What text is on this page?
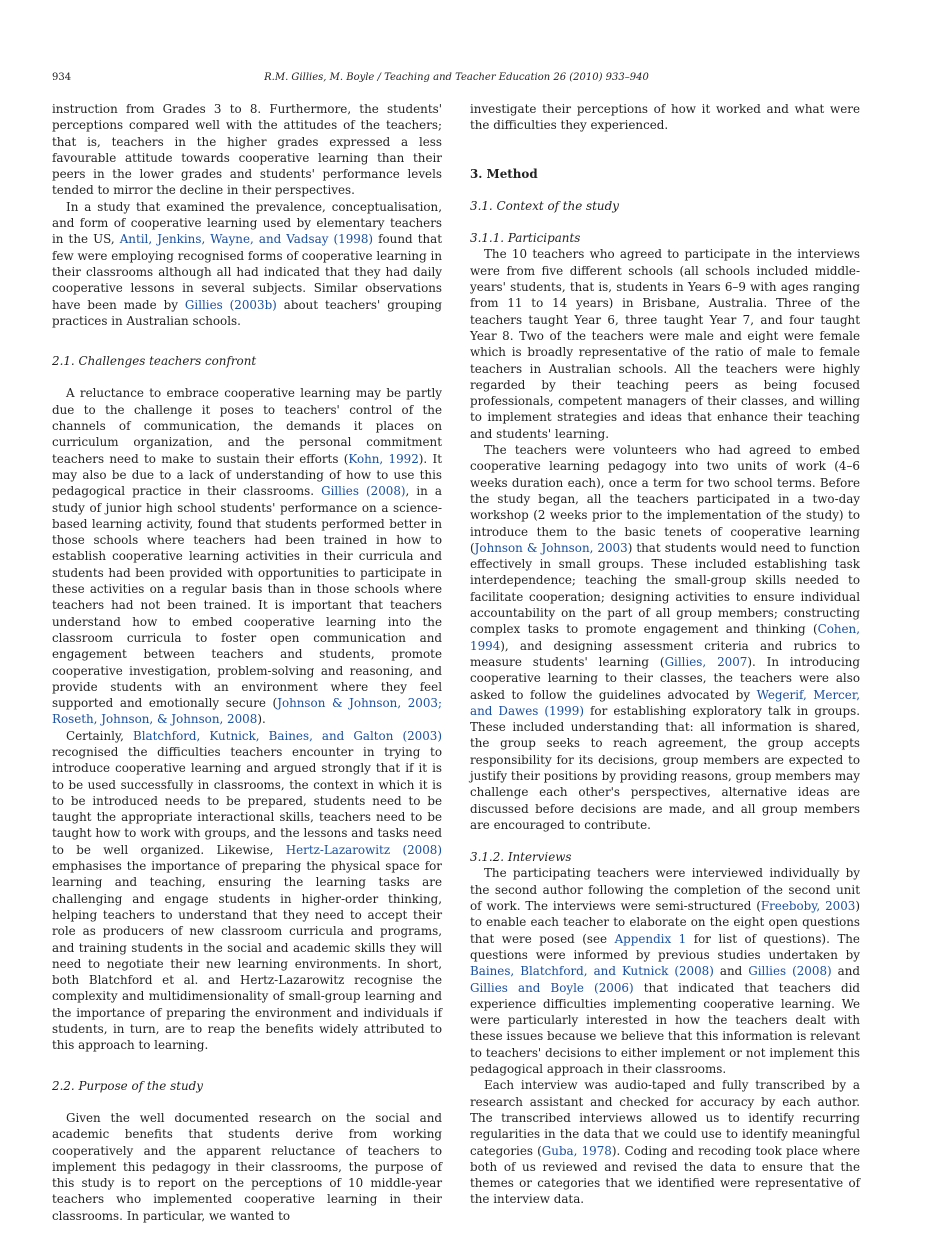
934	R.M. Gillies, M. Boyle / Teaching and Teacher Education 26 (2010) 933–940

instruction from Grades 3 to 8. Furthermore, the students' perceptions compared well with the attitudes of the teachers; that is, teachers in the higher grades expressed a less favourable attitude towards cooperative learning than their peers in the lower grades and students' performance levels tended to mirror the decline in their perspectives.

In a study that examined the prevalence, conceptualisation, and form of cooperative learning used by elementary teachers in the US, Antil, Jenkins, Wayne, and Vadsay (1998) found that few were employing recognised forms of cooperative learning in their classrooms although all had indicated that they had daily cooperative lessons in several subjects. Similar observations have been made by Gillies (2003b) about teachers' grouping practices in Australian schools.

2.1. Challenges teachers confront

A reluctance to embrace cooperative learning may be partly due to the challenge it poses to teachers' control of the channels of communication, the demands it places on curriculum organization, and the personal commitment teachers need to make to sustain their efforts (Kohn, 1992). It may also be due to a lack of understanding of how to use this pedagogical practice in their classrooms. Gillies (2008), in a study of junior high school students' performance on a science-based learning activity, found that students performed better in those schools where teachers had been trained in how to establish cooperative learning activities in their curricula and students had been provided with opportunities to participate in these activities on a regular basis than in those schools where teachers had not been trained. It is important that teachers understand how to embed cooperative learning into the classroom curricula to foster open communication and engagement between teachers and students, promote cooperative investigation, problem-solving and reasoning, and provide students with an environment where they feel supported and emotionally secure (Johnson & Johnson, 2003; Roseth, Johnson, & Johnson, 2008).

Certainly, Blatchford, Kutnick, Baines, and Galton (2003) recognised the difficulties teachers encounter in trying to introduce cooperative learning and argued strongly that if it is to be used successfully in classrooms, the context in which it is to be introduced needs to be prepared, students need to be taught the appropriate interactional skills, teachers need to be taught how to work with groups, and the lessons and tasks need to be well organized. Likewise, Hertz-Lazarowitz (2008) emphasises the importance of preparing the physical space for learning and teaching, ensuring the learning tasks are challenging and engage students in higher-order thinking, helping teachers to understand that they need to accept their role as producers of new classroom curricula and programs, and training students in the social and academic skills they will need to negotiate their new learning environments. In short, both Blatchford et al. and Hertz-Lazarowitz recognise the complexity and multidimensionality of small-group learning and the importance of preparing the environment and individuals if students, in turn, are to reap the benefits widely attributed to this approach to learning.

2.2. Purpose of the study

Given the well documented research on the social and academic benefits that students derive from working cooperatively and the apparent reluctance of teachers to implement this pedagogy in their classrooms, the purpose of this study is to report on the perceptions of 10 middle-year teachers who implemented cooperative learning in their classrooms. In particular, we wanted to

investigate their perceptions of how it worked and what were the difficulties they experienced.

3. Method

3.1. Context of the study

3.1.1. Participants

The 10 teachers who agreed to participate in the interviews were from five different schools (all schools included middle-years' students, that is, students in Years 6–9 with ages ranging from 11 to 14 years) in Brisbane, Australia. Three of the teachers taught Year 6, three taught Year 7, and four taught Year 8. Two of the teachers were male and eight were female which is broadly representative of the ratio of male to female teachers in Australian schools. All the teachers were highly regarded by their teaching peers as being focused professionals, competent managers of their classes, and willing to implement strategies and ideas that enhance their teaching and students' learning.

The teachers were volunteers who had agreed to embed cooperative learning pedagogy into two units of work (4–6 weeks duration each), once a term for two school terms. Before the study began, all the teachers participated in a two-day workshop (2 weeks prior to the implementation of the study) to introduce them to the basic tenets of cooperative learning (Johnson & Johnson, 2003) that students would need to function effectively in small groups. These included establishing task interdependence; teaching the small-group skills needed to facilitate cooperation; designing activities to ensure individual accountability on the part of all group members; constructing complex tasks to promote engagement and thinking (Cohen, 1994), and designing assessment criteria and rubrics to measure students' learning (Gillies, 2007). In introducing cooperative learning to their classes, the teachers were also asked to follow the guidelines advocated by Wegerif, Mercer, and Dawes (1999) for establishing exploratory talk in groups. These included understanding that: all information is shared, the group seeks to reach agreement, the group accepts responsibility for its decisions, group members are expected to justify their positions by providing reasons, group members may challenge each other's perspectives, alternative ideas are discussed before decisions are made, and all group members are encouraged to contribute.

3.1.2. Interviews

The participating teachers were interviewed individually by the second author following the completion of the second unit of work. The interviews were semi-structured (Freeboby, 2003) to enable each teacher to elaborate on the eight open questions that were posed (see Appendix 1 for list of questions). The questions were informed by previous studies undertaken by Baines, Blatchford, and Kutnick (2008) and Gillies (2008) and Gillies and Boyle (2006) that indicated that teachers did experience difficulties implementing cooperative learning. We were particularly interested in how the teachers dealt with these issues because we believe that this information is relevant to teachers' decisions to either implement or not implement this pedagogical approach in their classrooms.

Each interview was audio-taped and fully transcribed by a research assistant and checked for accuracy by each author. The transcribed interviews allowed us to identify recurring regularities in the data that we could use to identify meaningful categories (Guba, 1978). Coding and recoding took place where both of us reviewed and revised the data to ensure that the themes or categories that we identified were representative of the interview data.
